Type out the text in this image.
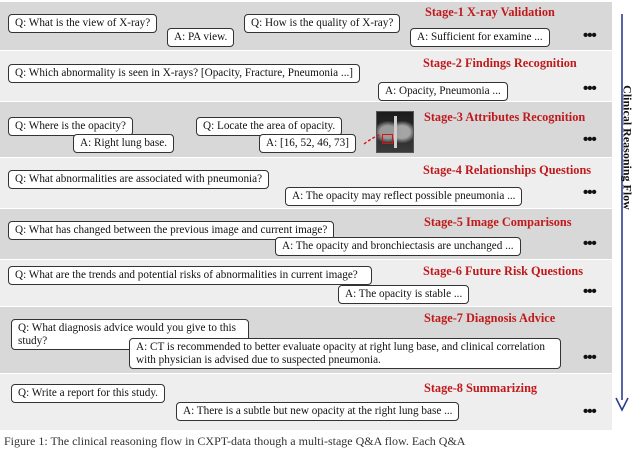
Stage-1 X-ray Validation
Stage-2 Findings Recognition
Stage-3 Attributes Recognition
Stage-4 Relationships Questions
Stage-5 Image Comparisons
Stage-6 Future Risk Questions
Stage-7 Diagnosis Advice
Stage-8 Summarizing
Q: What is the view of X-ray?
A: PA view.
Q: How is the quality of X-ray?
A: Sufficient for examine ...
Q: Which abnormality is seen in X-rays? [Opacity, Fracture, Pneumonia ...]
A: Opacity, Pneumonia ...
Q: Where is the opacity?
A: Right lung base.
Q: Locate the area of opacity.
A: [16, 52, 46, 73]
Q: What abnormalities are associated with pneumonia?
A: The opacity may reflect possible pneumonia ...
Q: What has changed between the previous image and current image?
A: The opacity and bronchiectasis are unchanged ...
Q: What are the trends and potential risks of abnormalities in current image?
A: The opacity is stable ...
Q: What diagnosis advice would you give to this study?
A: CT is recommended to better evaluate opacity at right lung base, and clinical correlation with physician is advised due to suspected pneumonia.
Q: Write a report for this study.
A: There is a subtle but new opacity at the right lung base ...
•••
•••
•••
•••
•••
•••
•••
•••
Clinical Reasoning Flow
Figure 1: The clinical reasoning flow in CXPT-data though a multi-stage Q&A flow. Each Q&A
